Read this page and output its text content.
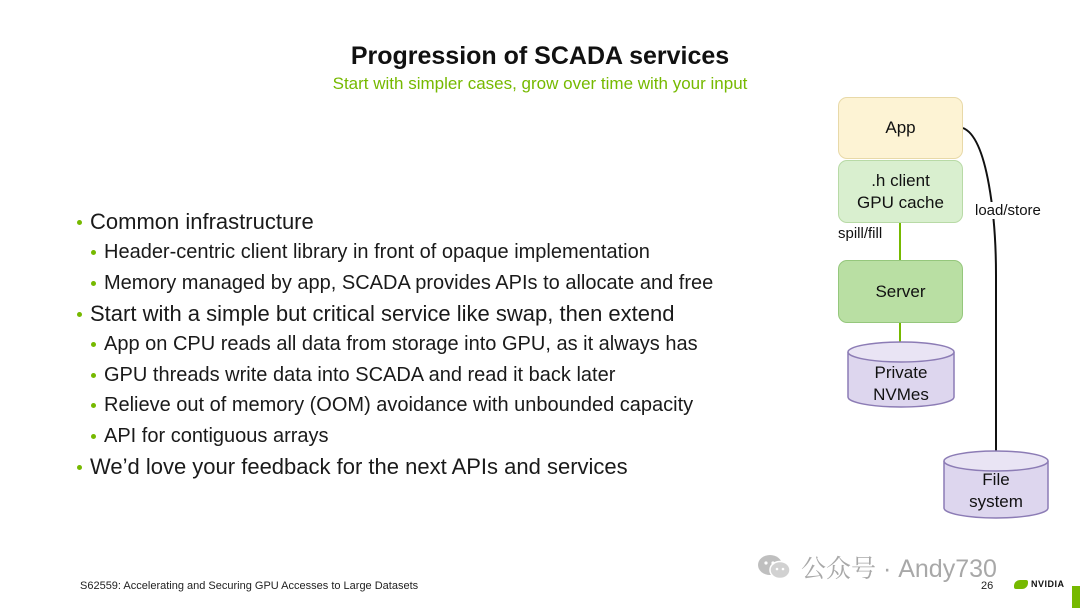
Progression of SCADA services
Start with simpler cases, grow over time with your input
Common infrastructure
Header-centric client library in front of opaque implementation
Memory managed by app, SCADA provides APIs to allocate and free
Start with a simple but critical service like swap, then extend
App on CPU reads all data from storage into GPU, as it always has
GPU threads write data into SCADA and read it back later
Relieve out of memory (OOM) avoidance with unbounded capacity
API for contiguous arrays
We’d love your feedback for the next APIs and services
App
.h client
GPU cache
spill/fill
load/store
Server
Private
NVMes
File
system
公众号 · Andy730
S62559: Accelerating and Securing GPU Accesses to Large Datasets	26	NVIDIA
